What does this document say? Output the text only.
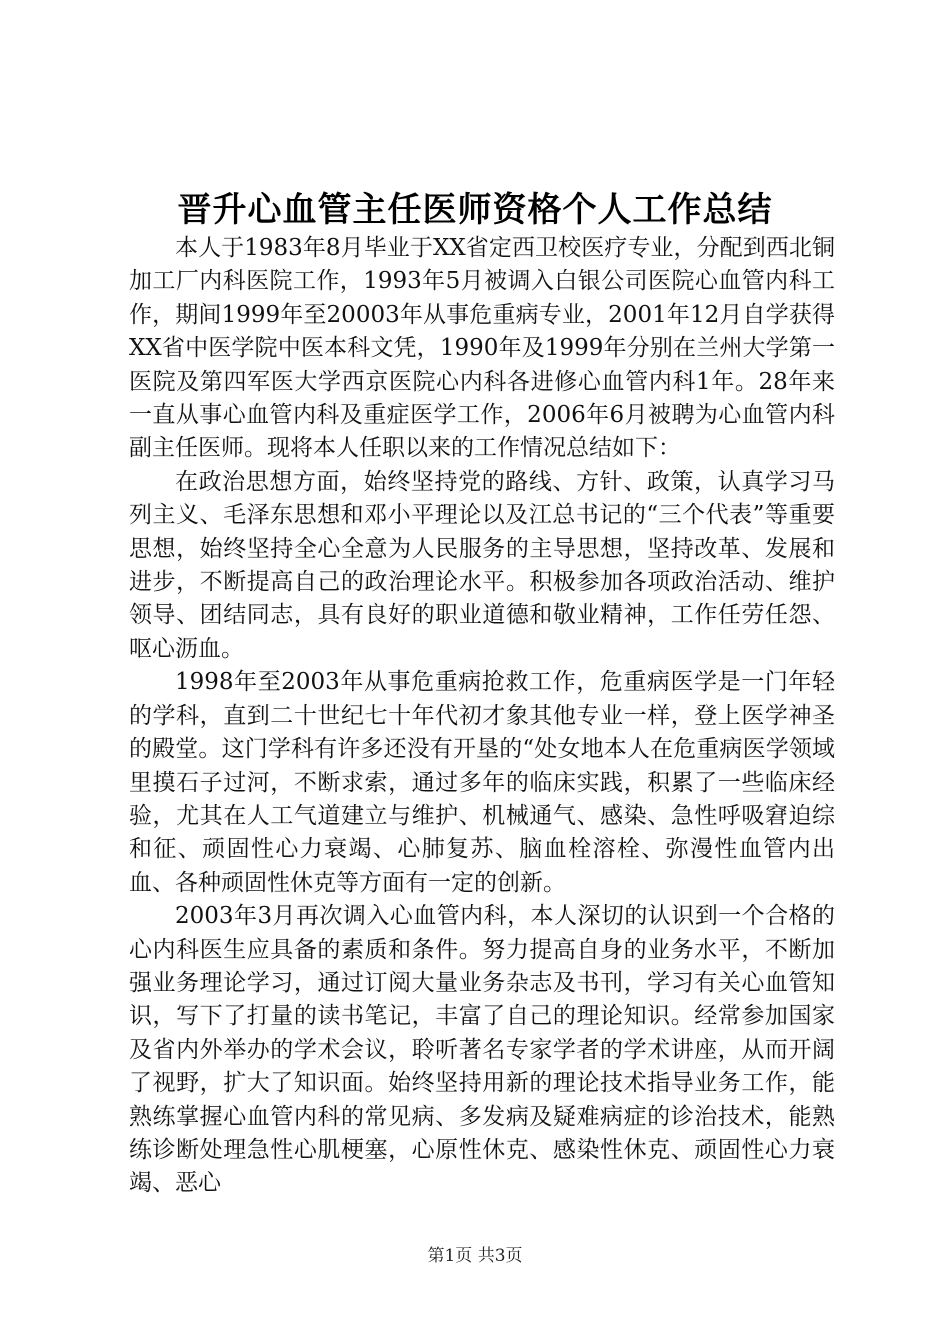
晋升心血管主任医师资格个人工作总结

本人于1983年8月毕业于XX省定西卫校医疗专业，分配到西北铜加工厂内科医院工作，1993年5月被调入白银公司医院心血管内科工作，期间1999年至20003年从事危重病专业，2001年12月自学获得XX省中医学院中医本科文凭，1990年及1999年分别在兰州大学第一医院及第四军医大学西京医院心内科各进修心血管内科1年。28年来一直从事心血管内科及重症医学工作，2006年6月被聘为心血管内科副主任医师。现将本人任职以来的工作情况总结如下：

在政治思想方面，始终坚持党的路线、方针、政策，认真学习马列主义、毛泽东思想和邓小平理论以及江总书记的“三个代表”等重要思想，始终坚持全心全意为人民服务的主导思想，坚持改革、发展和进步，不断提高自己的政治理论水平。积极参加各项政治活动、维护领导、团结同志，具有良好的职业道德和敬业精神，工作任劳任怨、呕心沥血。

1998年至2003年从事危重病抢救工作，危重病医学是一门年轻的学科，直到二十世纪七十年代初才象其他专业一样，登上医学神圣的殿堂。这门学科有许多还没有开垦的“处女地本人在危重病医学领域里摸石子过河，不断求索，通过多年的临床实践，积累了一些临床经验，尤其在人工气道建立与维护、机械通气、感染、急性呼吸窘迫综和征、顽固性心力衰竭、心肺复苏、脑血栓溶栓、弥漫性血管内出血、各种顽固性休克等方面有一定的创新。

2003年3月再次调入心血管内科，本人深切的认识到一个合格的心内科医生应具备的素质和条件。努力提高自身的业务水平，不断加强业务理论学习，通过订阅大量业务杂志及书刊，学习有关心血管知识，写下了打量的读书笔记，丰富了自己的理论知识。经常参加国家及省内外举办的学术会议，聆听著名专家学者的学术讲座，从而开阔了视野，扩大了知识面。始终坚持用新的理论技术指导业务工作，能熟练掌握心血管内科的常见病、多发病及疑难病症的诊治技术，能熟练诊断处理急性心肌梗塞，心原性休克、感染性休克、顽固性心力衰竭、恶心

第1页 共3页
